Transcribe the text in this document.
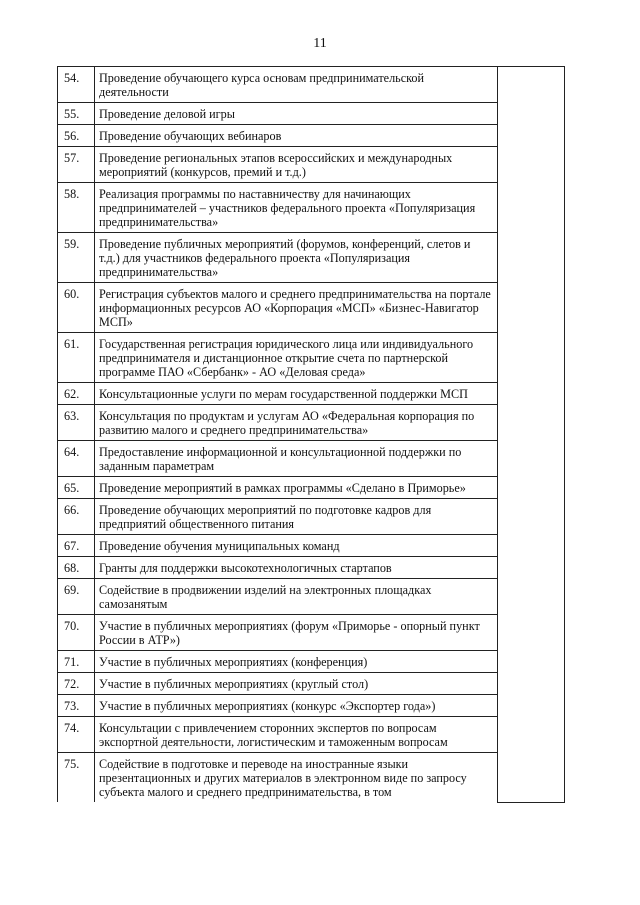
11
54.	Проведение обучающего курса основам предпринимательской деятельности	
55.	Проведение деловой игры	
56.	Проведение обучающих вебинаров	
57.	Проведение региональных этапов всероссийских и международных мероприятий (конкурсов, премий и т.д.)	
58.	Реализация программы по наставничеству для начинающих предпринимателей – участников федерального проекта «Популяризация предпринимательства»	
59.	Проведение публичных мероприятий (форумов, конференций, слетов и т.д.) для участников федерального проекта «Популяризация предпринимательства»	
60.	Регистрация субъектов малого и среднего предпринимательства на портале информационных ресурсов АО «Корпорация «МСП» «Бизнес-Навигатор МСП»	
61.	Государственная регистрация юридического лица или индивидуального предпринимателя и дистанционное открытие счета по партнерской программе ПАО «Сбербанк» - АО «Деловая среда»	
62.	Консультационные услуги по мерам государственной поддержки МСП	
63.	Консультация по продуктам и услугам АО «Федеральная корпорация по развитию малого и среднего предпринимательства»	
64.	Предоставление информационной и консультационной поддержки по заданным параметрам	
65.	Проведение мероприятий в рамках программы «Сделано в Приморье»	
66.	Проведение обучающих мероприятий по подготовке кадров для предприятий общественного питания	
67.	Проведение обучения муниципальных команд	
68.	Гранты для поддержки высокотехнологичных стартапов	
69.	Содействие в продвижении изделий на электронных площадках самозанятым	
70.	Участие в публичных мероприятиях (форум «Приморье - опорный пункт России в АТР»)	
71.	Участие в публичных мероприятиях (конференция)	
72.	Участие в публичных мероприятиях (круглый стол)	
73.	Участие в публичных мероприятиях (конкурс «Экспортер года»)	
74.	Консультации с привлечением сторонних экспертов по вопросам экспортной деятельности, логистическим и таможенным вопросам	
75.	Содействие в подготовке и переводе на иностранные языки презентационных и других материалов в электронном виде по запросу субъекта малого и среднего предпринимательства, в том	
